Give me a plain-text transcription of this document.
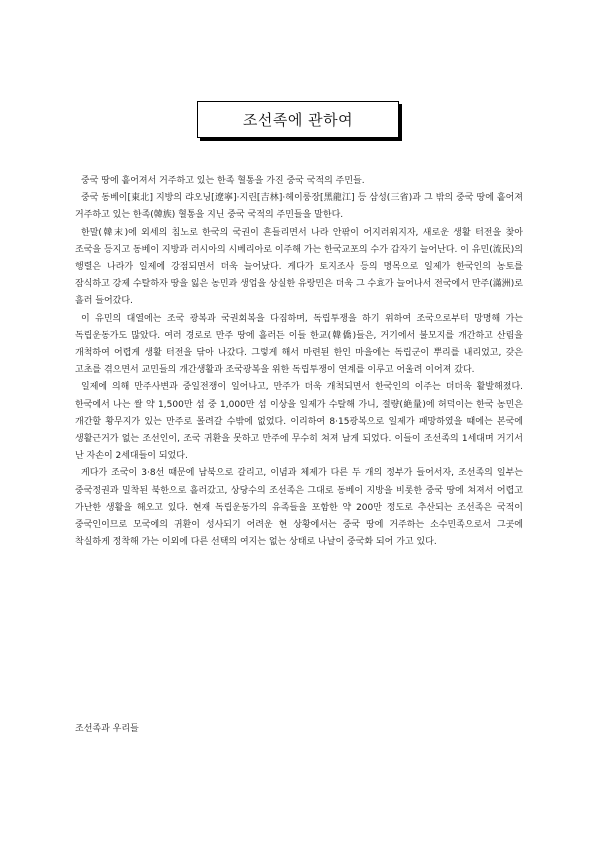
조선족에 관하여

중국 땅에 흩어져서 거주하고 있는 한족 혈통을 가진 중국 국적의 주민들.

중국 동베이[東北] 지방의 랴오닝[遼寧]·지린[吉林]·헤이룽장[黑龍江] 등 삼성(三省)과 그 밖의 중국 땅에 흩어져 거주하고 있는 한족(韓族) 혈통을 지닌 중국 국적의 주민들을 말한다.

한말(韓末)에 외세의 침노로 한국의 국권이 흔들리면서 나라 안팎이 어지러워지자, 새로운 생활 터전을 찾아 조국을 등지고 동베이 지방과 러시아의 시베리아로 이주해 가는 한국교포의 수가 갑자기 늘어난다. 이 유민(流民)의 행렬은 나라가 일제에 강점되면서 더욱 늘어났다. 게다가 토지조사 등의 명목으로 일제가 한국인의 농토를 잠식하고 강제 수탈하자 땅을 잃은 농민과 생업을 상실한 유랑민은 더욱 그 수효가 늘어나서 전국에서 만주(滿洲)로 흘러 들어갔다.

이 유민의 대열에는 조국 광복과 국권회복을 다짐하며, 독립투쟁을 하기 위하여 조국으로부터 망명해 가는 독립운동가도 많았다. 여러 경로로 만주 땅에 흘러든 이들 한교(韓僑)들은, 거기에서 불모지를 개간하고 산림을 개척하여 어렵게 생활 터전을 닦아 나갔다. 그렇게 해서 마련된 한인 마을에는 독립군이 뿌리를 내리었고, 갖은 고초를 겪으면서 교민들의 개간생활과 조국광복을 위한 독립투쟁이 연계를 이루고 어울려 이어져 갔다.

일제에 의해 만주사변과 중일전쟁이 일어나고, 만주가 더욱 개척되면서 한국인의 이주는 더더욱 활발해졌다. 한국에서 나는 쌀 약 1,500만 섬 중 1,000만 섬 이상을 일제가 수탈해 가니, 절량(絶量)에 허덕이는 한국 농민은 개간할 황무지가 있는 만주로 몰려갈 수밖에 없었다. 이리하여 8·15광복으로 일제가 패망하였을 때에는 본국에 생활근거가 없는 조선인이, 조국 귀환을 못하고 만주에 무수히 쳐져 남게 되었다. 이들이 조선족의 1세대며 거기서 난 자손이 2세대들이 되었다.

게다가 조국이 3·8선 때문에 남북으로 갈리고, 이념과 체제가 다른 두 개의 정부가 들어서자, 조선족의 일부는 중국정권과 밀착된 북한으로 흘러갔고, 상당수의 조선족은 그대로 동베이 지방을 비롯한 중국 땅에 쳐져서 어렵고 가난한 생활을 해오고 있다. 현재 독립운동가의 유족들을 포함한 약 200만 정도로 추산되는 조선족은 국적이 중국인이므로 모국에의 귀환이 성사되기 어려운 현 상황에서는 중국 땅에 거주하는 소수민족으로서 그곳에 착실하게 정착해 가는 이외에 다른 선택의 여지는 없는 상태로 나날이 중국화 되어 가고 있다.

조선족과 우리들
